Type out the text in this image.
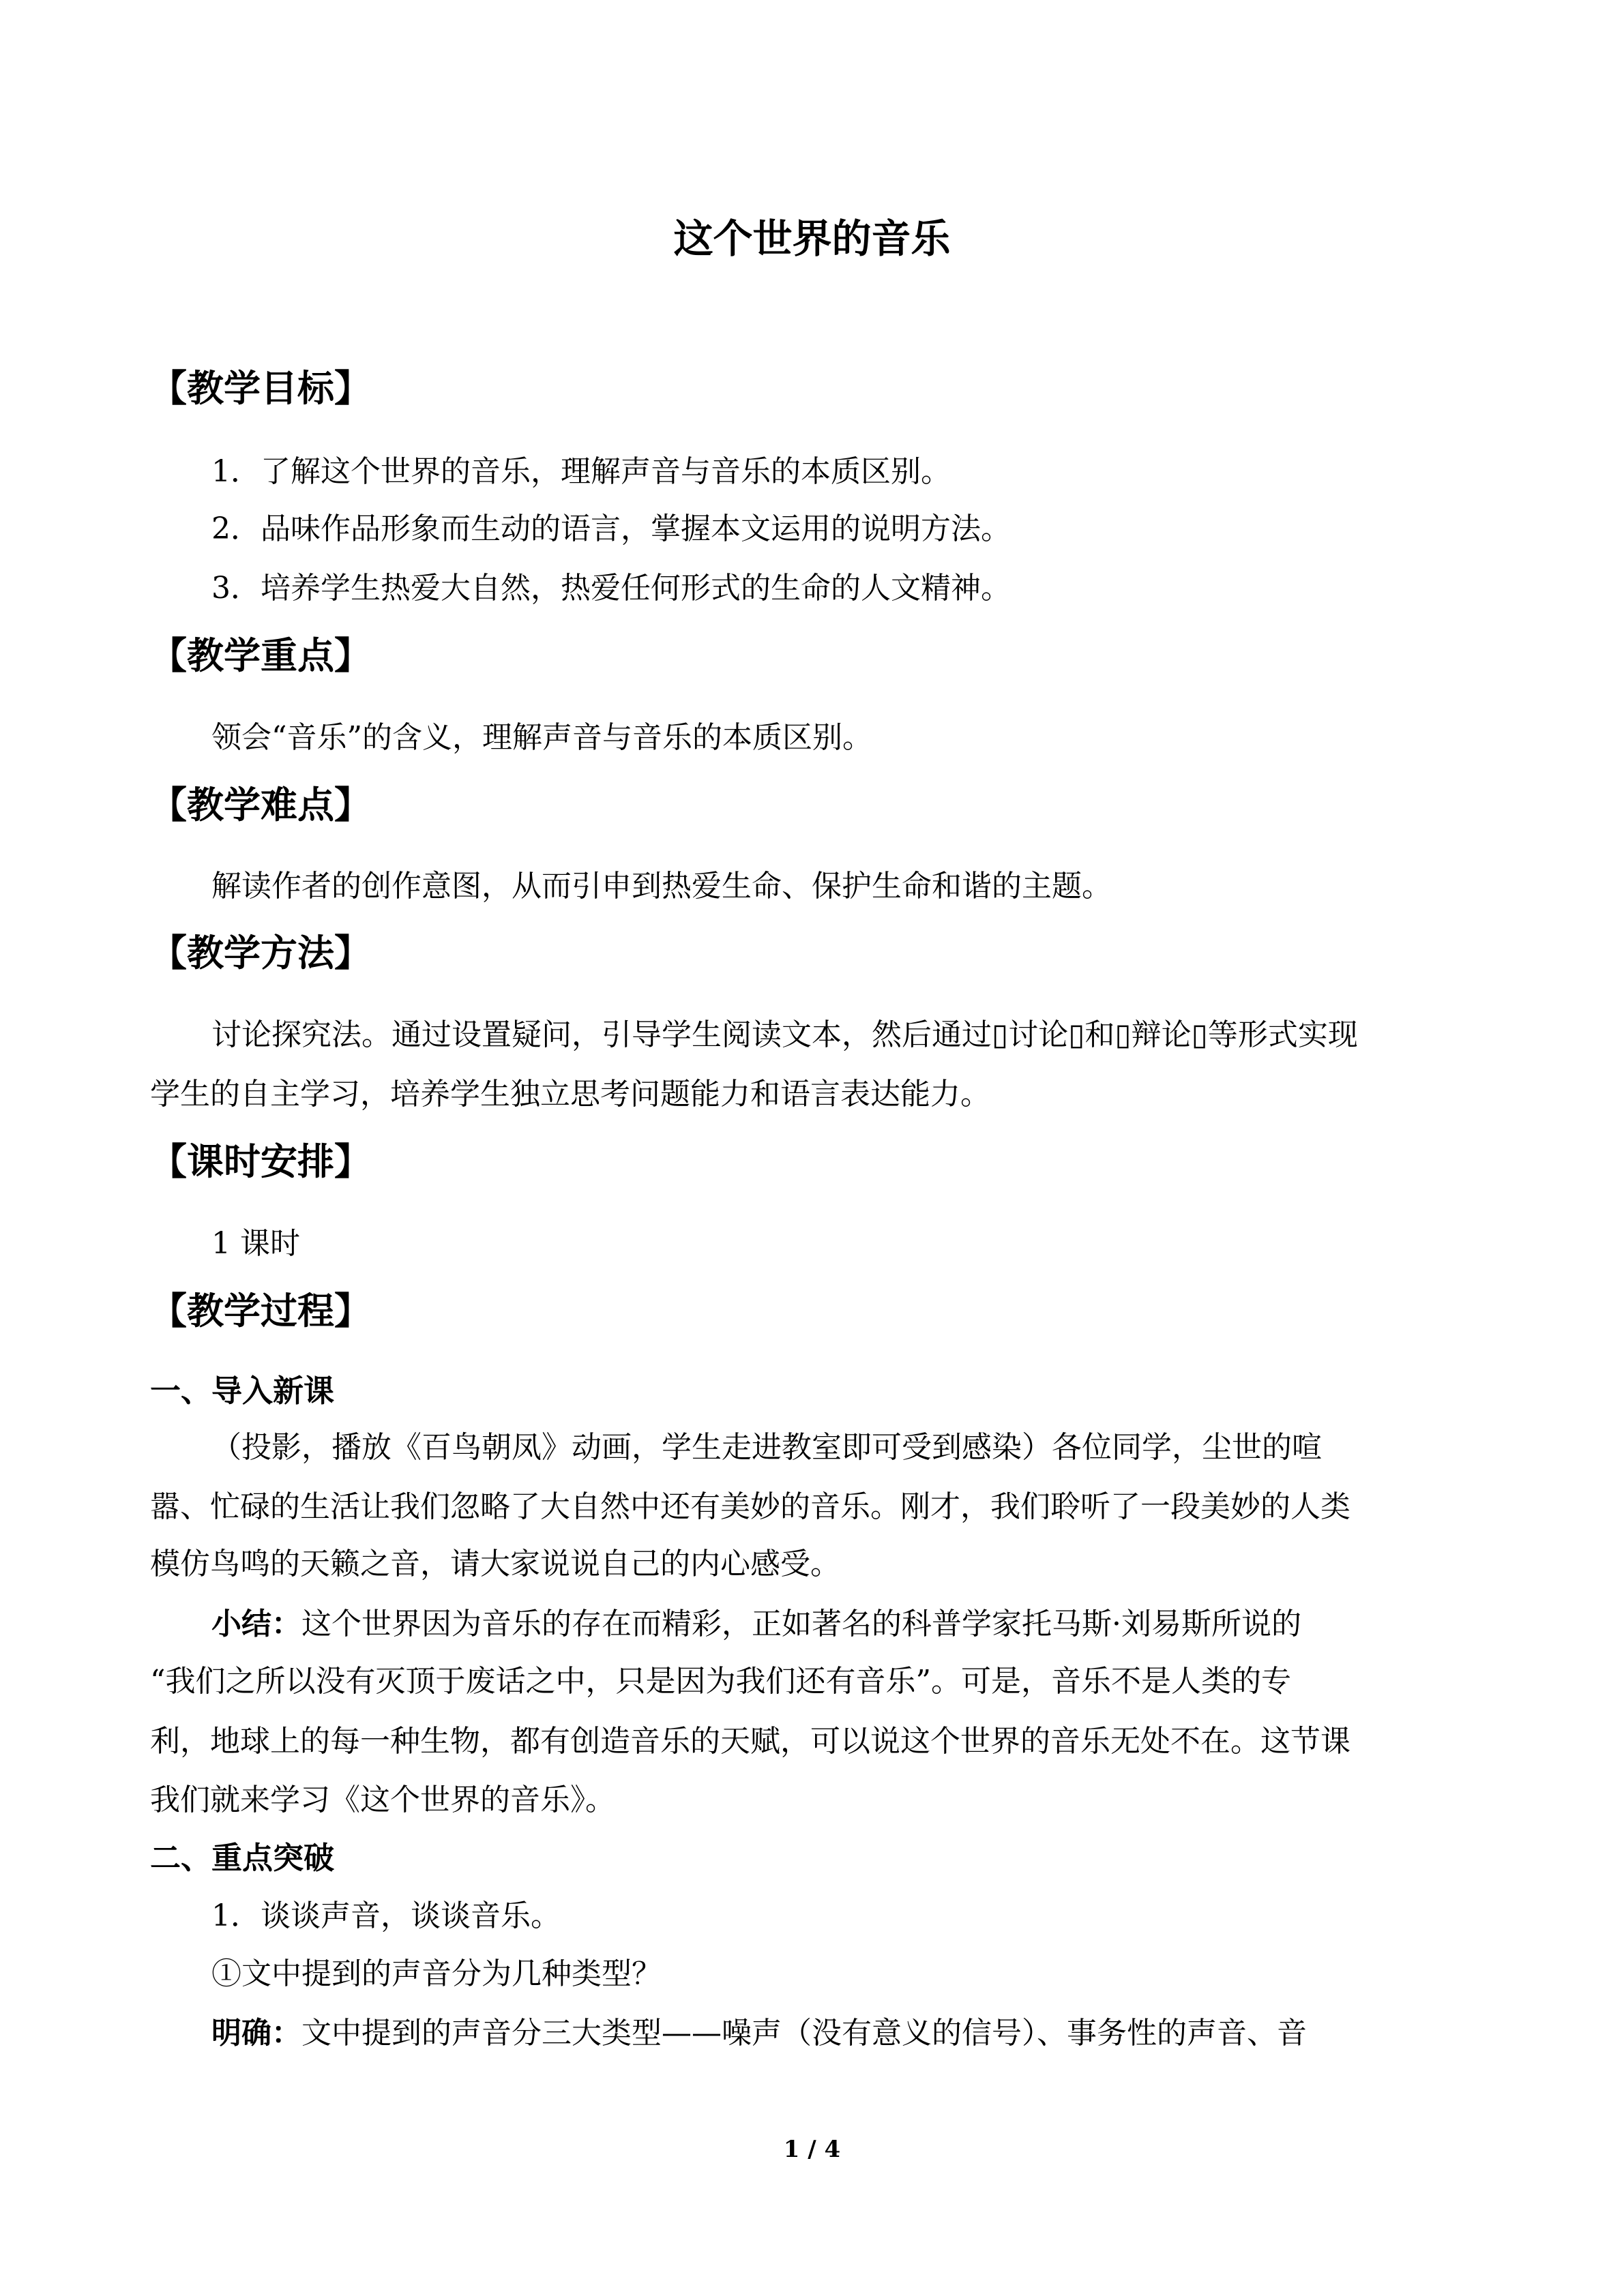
这个世界的音乐
【教学目标】
1．了解这个世界的音乐，理解声音与音乐的本质区别。
2．品味作品形象而生动的语言，掌握本文运用的说明方法。
3．培养学生热爱大自然，热爱任何形式的生命的人文精神。
【教学重点】
领会“音乐”的含义，理解声音与音乐的本质区别。
【教学难点】
解读作者的创作意图，从而引申到热爱生命、保护生命和谐的主题。
【教学方法】
讨论探究法。通过设置疑问，引导学生阅读文本，然后通过▯讨论▯和▯辩论▯等形式实现
学生的自主学习，培养学生独立思考问题能力和语言表达能力。
【课时安排】
1 课时
【教学过程】
一、导入新课
（投影，播放《百鸟朝凤》动画，学生走进教室即可受到感染）各位同学，尘世的喧
嚣、忙碌的生活让我们忽略了大自然中还有美妙的音乐。刚才，我们聆听了一段美妙的人类
模仿鸟鸣的天籁之音，请大家说说自己的内心感受。
小结：这个世界因为音乐的存在而精彩，正如著名的科普学家托马斯·刘易斯所说的
“我们之所以没有灭顶于废话之中，只是因为我们还有音乐”。可是，音乐不是人类的专
利，地球上的每一种生物，都有创造音乐的天赋，可以说这个世界的音乐无处不在。这节课
我们就来学习《这个世界的音乐》。
二、重点突破
1．谈谈声音，谈谈音乐。
①文中提到的声音分为几种类型？
明确：文中提到的声音分三大类型——噪声（没有意义的信号）、事务性的声音、音
1 / 4
